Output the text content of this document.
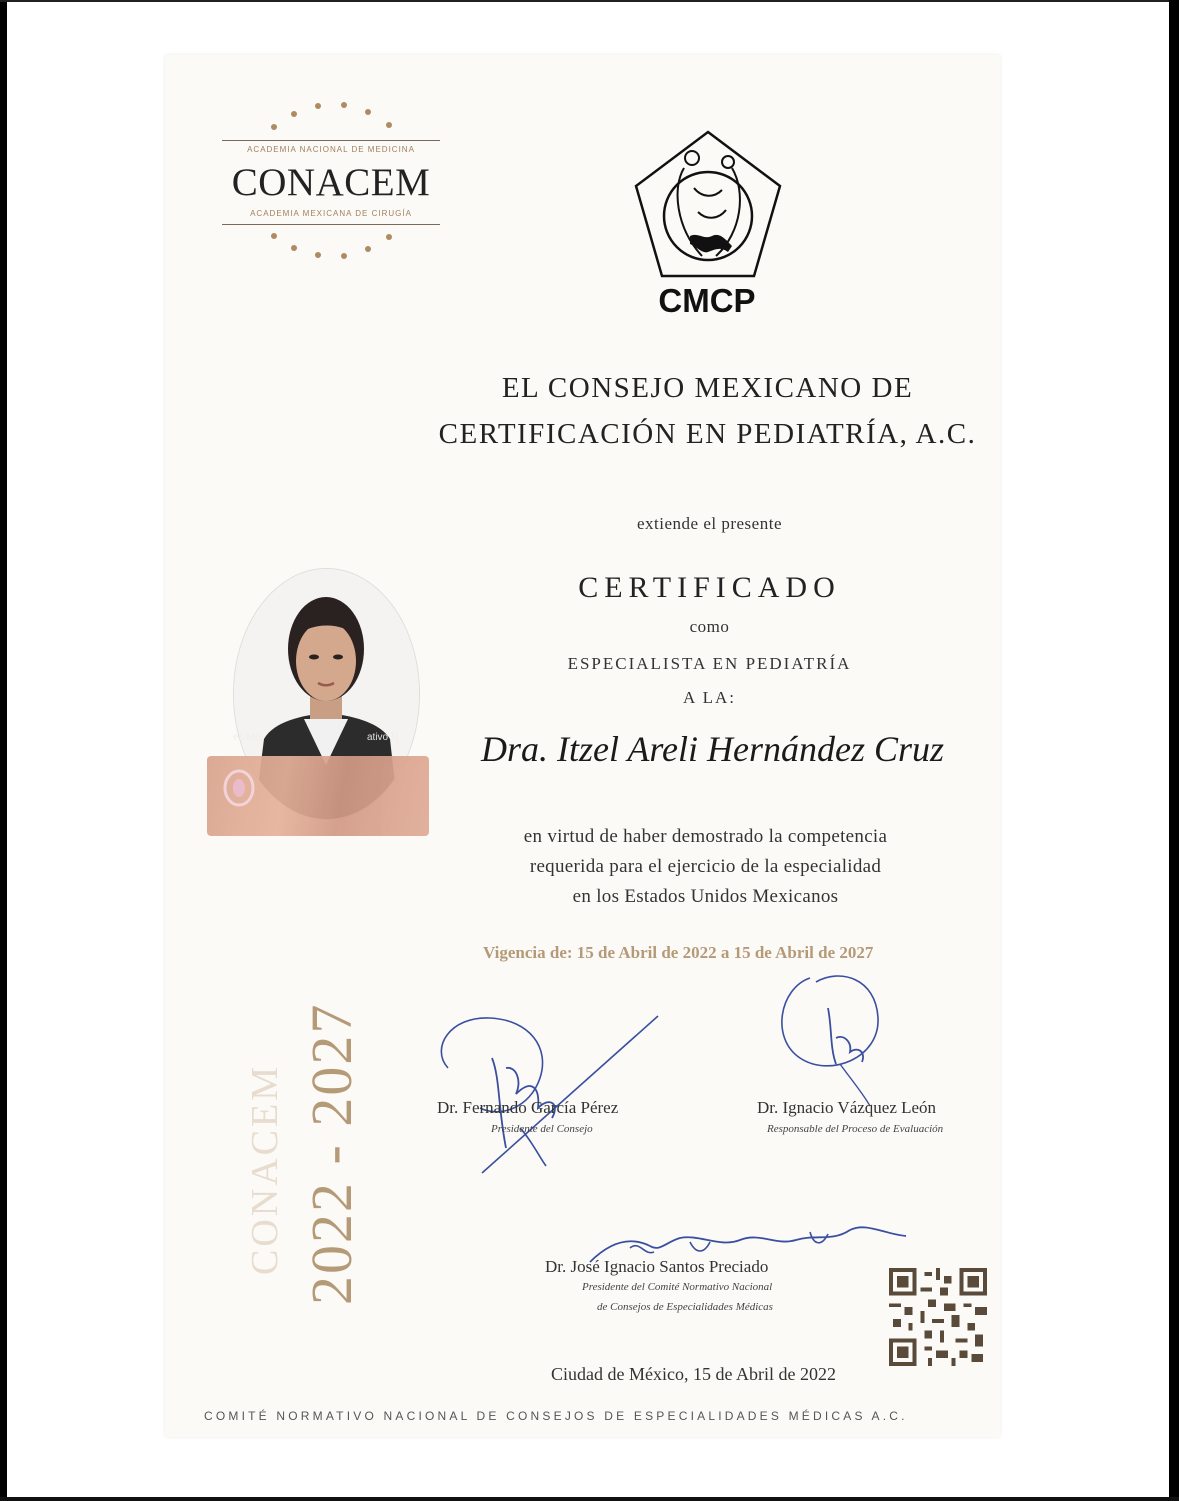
ACADEMIA NACIONAL DE MEDICINA
CONACEM
ACADEMIA MEXICANA DE CIRUGÍA
CMCP
EL CONSEJO MEXICANO DE
CERTIFICACIÓN EN PEDIATRÍA, A.C.
extiende el presente
CERTIFICADO
como
ESPECIALISTA EN PEDIATRÍA
A LA:
Dra. Itzel Areli Hernández Cruz
es Mé	ativo N
en virtud de haber demostrado la competencia
requerida para el ejercicio de la especialidad
en los Estados Unidos Mexicanos
Vigencia de: 15 de Abril de 2022 a 15 de Abril de 2027
CONACEM 2022 - 2027	Dr. Fernando García Pérez
Presidente del Consejo
Dr. Ignacio Vázquez León
Responsable del Proceso de Evaluación
Dr. José Ignacio Santos Preciado
Presidente del Comité Normativo Nacional
de Consejos de Especialidades Médicas
Ciudad de México, 15 de Abril de 2022
COMITÉ NORMATIVO NACIONAL DE CONSEJOS DE ESPECIALIDADES MÉDICAS A.C.
